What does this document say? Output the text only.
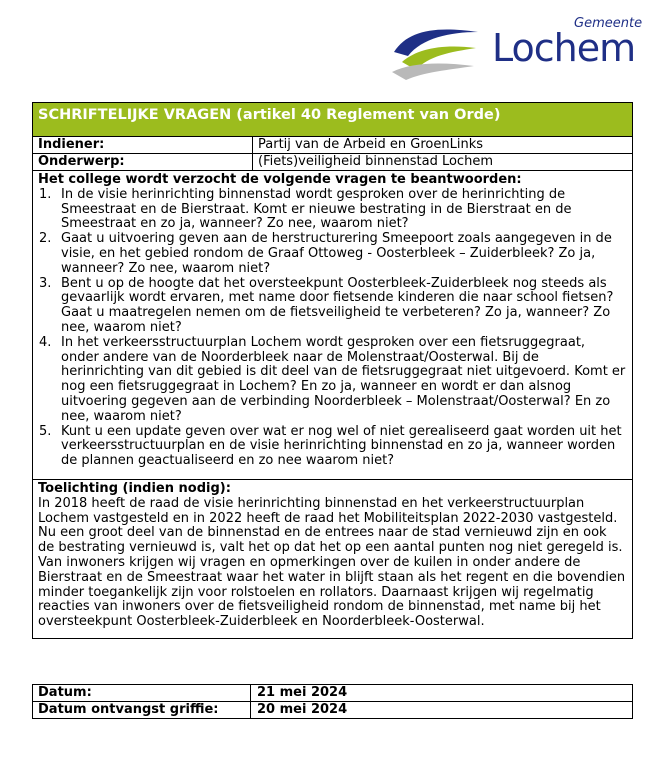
Gemeente
Lochem
SCHRIFTELIJKE VRAGEN (artikel 40 Reglement van Orde)
Indiener:	Partij van de Arbeid en GroenLinks
Onderwerp:	(Fiets)veiligheid binnenstad Lochem
Het college wordt verzocht de volgende vragen te beantwoorden:
1. In de visie herinrichting binnenstad wordt gesproken over de herinrichting de Smeestraat en de Bierstraat. Komt er nieuwe bestrating in de Bierstraat en de Smeestraat en zo ja, wanneer? Zo nee, waarom niet?
2. Gaat u uitvoering geven aan de herstructurering Smeepoort zoals aangegeven in de visie, en het gebied rondom de Graaf Ottoweg - Oosterbleek – Zuiderbleek? Zo ja, wanneer? Zo nee, waarom niet?
3. Bent u op de hoogte dat het oversteekpunt Oosterbleek-Zuiderbleek nog steeds als gevaarlijk wordt ervaren, met name door fietsende kinderen die naar school fietsen? Gaat u maatregelen nemen om de fietsveiligheid te verbeteren? Zo ja, wanneer? Zo nee, waarom niet?
4. In het verkeersstructuurplan Lochem wordt gesproken over een fietsruggegraat, onder andere van de Noorderbleek naar de Molenstraat/Oosterwal. Bij de herinrichting van dit gebied is dit deel van de fietsruggegraat niet uitgevoerd. Komt er nog een fietsruggegraat in Lochem? En zo ja, wanneer en wordt er dan alsnog uitvoering gegeven aan de verbinding Noorderbleek – Molenstraat/Oosterwal? En zo nee, waarom niet?
5. Kunt u een update geven over wat er nog wel of niet gerealiseerd gaat worden uit het verkeersstructuurplan en de visie herinrichting binnenstad en zo ja, wanneer worden de plannen geactualiseerd en zo nee waarom niet?
Toelichting (indien nodig):
In 2018 heeft de raad de visie herinrichting binnenstad en het verkeerstructuurplan Lochem vastgesteld en in 2022 heeft de raad het Mobiliteitsplan 2022-2030 vastgesteld. Nu een groot deel van de binnenstad en de entrees naar de stad vernieuwd zijn en ook de bestrating vernieuwd is, valt het op dat het op een aantal punten nog niet geregeld is. Van inwoners krijgen wij vragen en opmerkingen over de kuilen in onder andere de Bierstraat en de Smeestraat waar het water in blijft staan als het regent en die bovendien minder toegankelijk zijn voor rolstoelen en rollators. Daarnaast krijgen wij regelmatig reacties van inwoners over de fietsveiligheid rondom de binnenstad, met name bij het oversteekpunt Oosterbleek-Zuiderbleek en Noorderbleek-Oosterwal.
Datum:	21 mei 2024
Datum ontvangst griffie:	20 mei 2024
